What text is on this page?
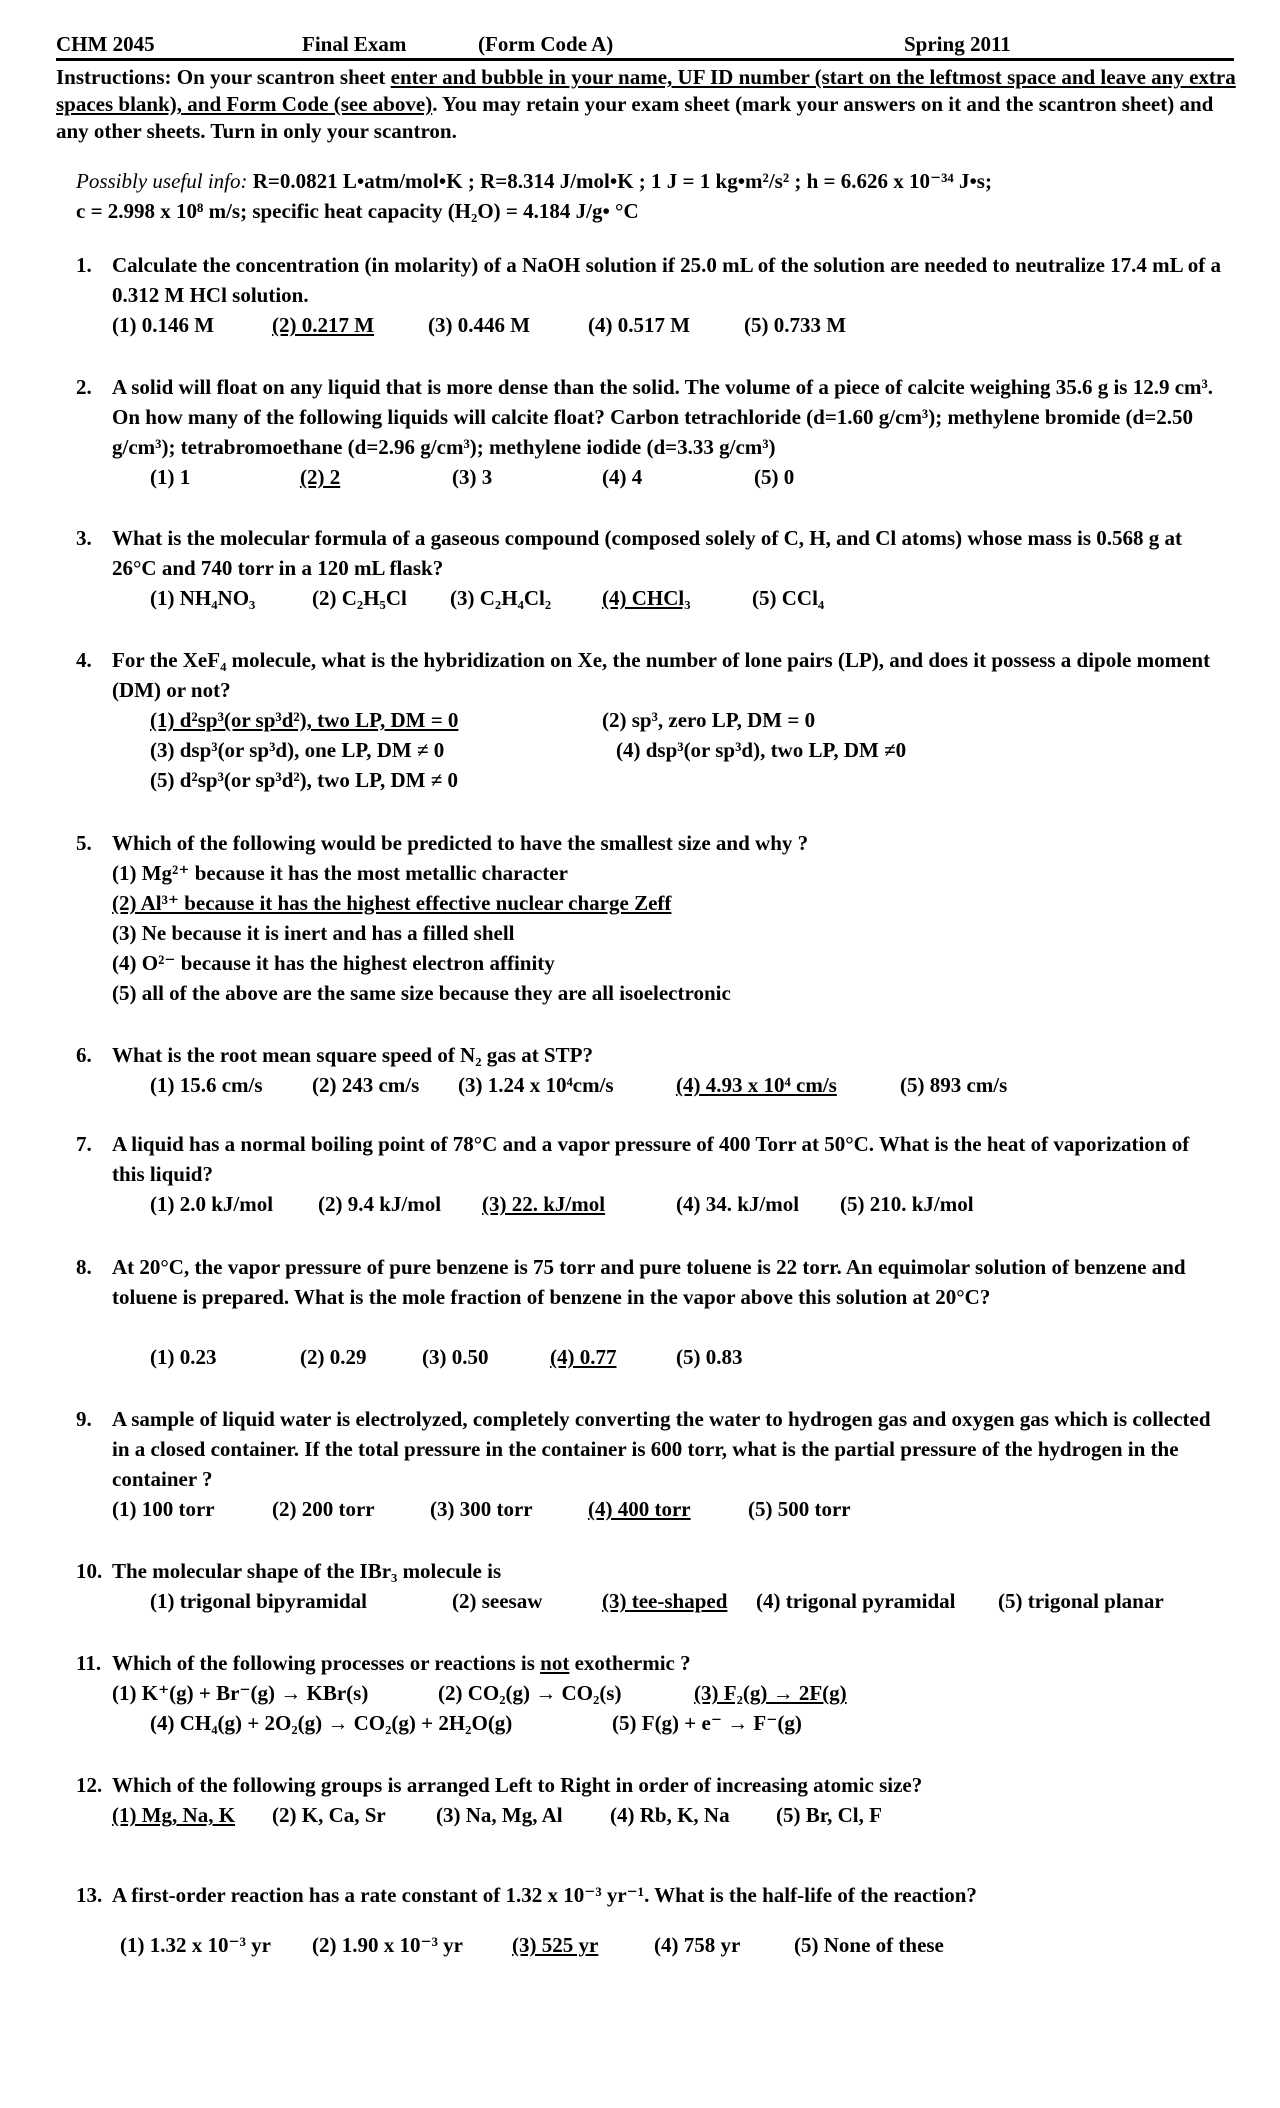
CHM 2045	Final Exam	(Form Code A)	Spring 2011
Instructions: On your scantron sheet enter and bubble in your name, UF ID number (start on the leftmost space and leave any extra spaces blank), and Form Code (see above). You may retain your exam sheet (mark your answers on it and the scantron sheet) and any other sheets. Turn in only your scantron.
Possibly useful info: R=0.0821 L•atm/mol•K ; R=8.314 J/mol•K ; 1 J = 1 kg•m²/s² ; h = 6.626 x 10⁻³⁴ J•s;
c = 2.998 x 10⁸ m/s; specific heat capacity (H₂O) = 4.184 J/g• °C
1. Calculate the concentration (in molarity) of a NaOH solution if 25.0 mL of the solution are needed to neutralize 17.4 mL of a 0.312 M HCl solution.
(1) 0.146 M	(2) 0.217 M	(3) 0.446 M	(4) 0.517 M	(5) 0.733 M
2. A solid will float on any liquid that is more dense than the solid. The volume of a piece of calcite weighing 35.6 g is 12.9 cm³. On how many of the following liquids will calcite float? Carbon tetrachloride (d=1.60 g/cm³); methylene bromide (d=2.50 g/cm³); tetrabromoethane (d=2.96 g/cm³); methylene iodide (d=3.33 g/cm³)
(1) 1	(2) 2	(3) 3	(4) 4	(5) 0
3. What is the molecular formula of a gaseous compound (composed solely of C, H, and Cl atoms) whose mass is 0.568 g at 26°C and 740 torr in a 120 mL flask?
(1) NH₄NO₃	(2) C₂H₅Cl (3) C₂H₄Cl₂ (4) CHCl₃	(5) CCl₄
4. For the XeF₄ molecule, what is the hybridization on Xe, the number of lone pairs (LP), and does it possess a dipole moment (DM) or not?
(1) d²sp³(or sp³d²), two LP, DM = 0	(2) sp³, zero LP, DM = 0
(3) dsp³(or sp³d), one LP, DM ≠ 0	(4) dsp³(or sp³d), two LP, DM ≠0
(5) d²sp³(or sp³d²), two LP, DM ≠ 0
5. Which of the following would be predicted to have the smallest size and why ?
(1) Mg²⁺ because it has the most metallic character
(2) Al³⁺ because it has the highest effective nuclear charge Zeff
(3) Ne because it is inert and has a filled shell
(4) O²⁻ because it has the highest electron affinity
(5) all of the above are the same size because they are all isoelectronic
6. What is the root mean square speed of N₂ gas at STP?
(1) 15.6 cm/s (2) 243 cm/s (3) 1.24 x 10⁴cm/s	(4) 4.93 x 10⁴ cm/s	(5) 893 cm/s
7. A liquid has a normal boiling point of 78°C and a vapor pressure of 400 Torr at 50°C. What is the heat of vaporization of this liquid?
(1) 2.0 kJ/mol (2) 9.4 kJ/mol (3) 22. kJ/mol	(4) 34. kJ/mol (5) 210. kJ/mol
8. At 20°C, the vapor pressure of pure benzene is 75 torr and pure toluene is 22 torr. An equimolar solution of benzene and toluene is prepared. What is the mole fraction of benzene in the vapor above this solution at 20°C?
(1) 0.23	(2) 0.29	(3) 0.50	(4) 0.77	(5) 0.83
9. A sample of liquid water is electrolyzed, completely converting the water to hydrogen gas and oxygen gas which is collected in a closed container. If the total pressure in the container is 600 torr, what is the partial pressure of the hydrogen in the container ?
(1) 100 torr	(2) 200 torr	(3) 300 torr	(4) 400 torr	(5) 500 torr
10. The molecular shape of the IBr₃ molecule is
(1) trigonal bipyramidal	(2) seesaw	(3) tee-shaped (4) trigonal pyramidal (5) trigonal planar
11. Which of the following processes or reactions is not exothermic ?
(1) K⁺(g) + Br⁻(g) → KBr(s)	(2) CO₂(g) → CO₂(s)	(3) F₂(g) → 2F(g)
(4) CH₄(g) + 2O₂(g) → CO₂(g) + 2H₂O(g)	(5) F(g) + e⁻ → F⁻(g)
12. Which of the following groups is arranged Left to Right in order of increasing atomic size?
(1) Mg, Na, K (2) K, Ca, Sr (3) Na, Mg, Al (4) Rb, K, Na (5) Br, Cl, F
13. A first-order reaction has a rate constant of 1.32 x 10⁻³ yr⁻¹. What is the half-life of the reaction?
(1) 1.32 x 10⁻³ yr (2) 1.90 x 10⁻³ yr (3) 525 yr	(4) 758 yr	(5) None of these
